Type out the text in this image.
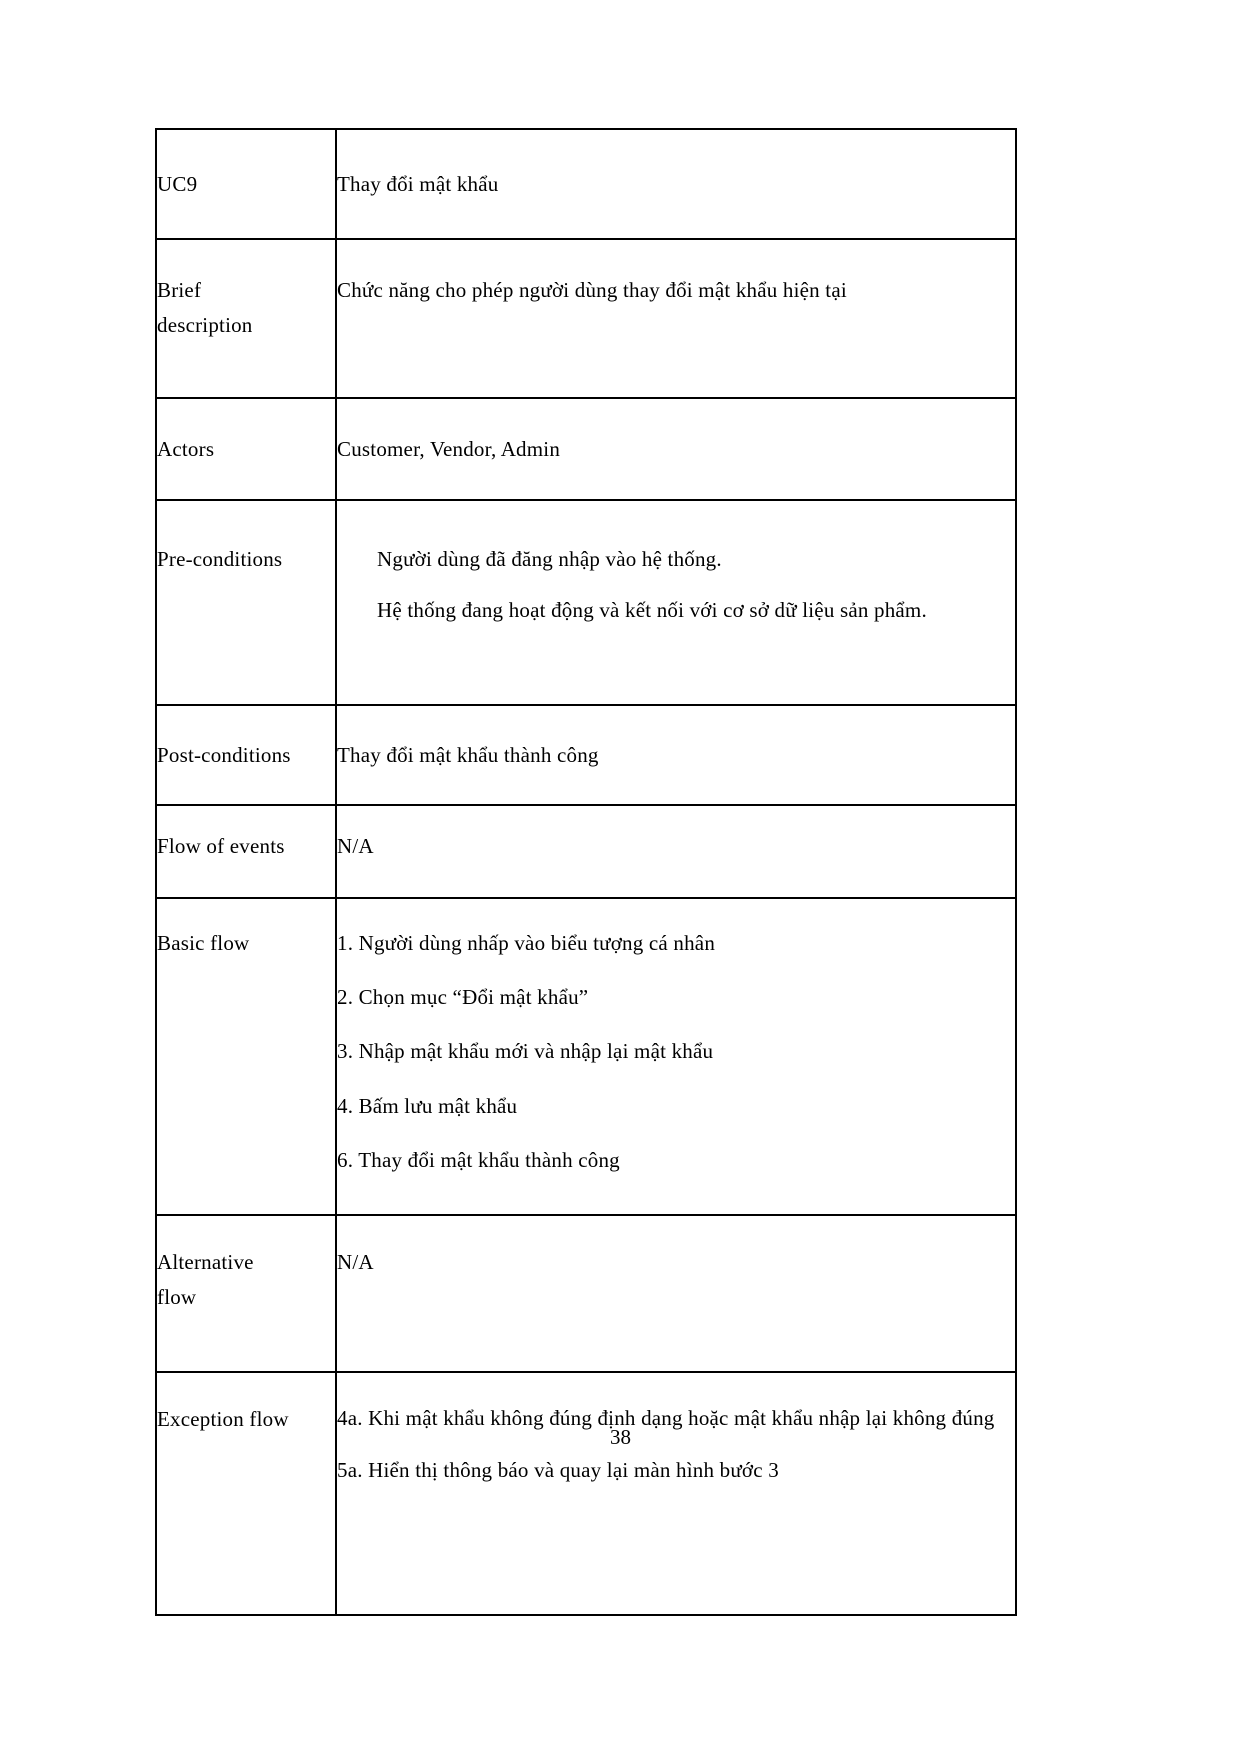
UC9	Thay đổi mật khẩu

Brief
description	Chức năng cho phép người dùng thay đổi mật khẩu hiện tại
Actors	Customer, Vendor, Admin
Pre-conditions	Người dùng đã đăng nhập vào hệ thống.
Hệ thống đang hoạt động và kết nối với cơ sở dữ liệu sản phẩm.

Post-conditions	Thay đổi mật khẩu thành công
Flow of events	N/A
Basic flow	1. Người dùng nhấp vào biểu tượng cá nhân
2. Chọn mục “Đổi mật khẩu”
3. Nhập mật khẩu mới và nhập lại mật khẩu
4. Bấm lưu mật khẩu
6. Thay đổi mật khẩu thành công

Alternative
flow	N/A
Exception flow	4a. Khi mật khẩu không đúng định dạng hoặc mật khẩu nhập lại không đúng
5a. Hiển thị thông báo và quay lại màn hình bước 3
38
